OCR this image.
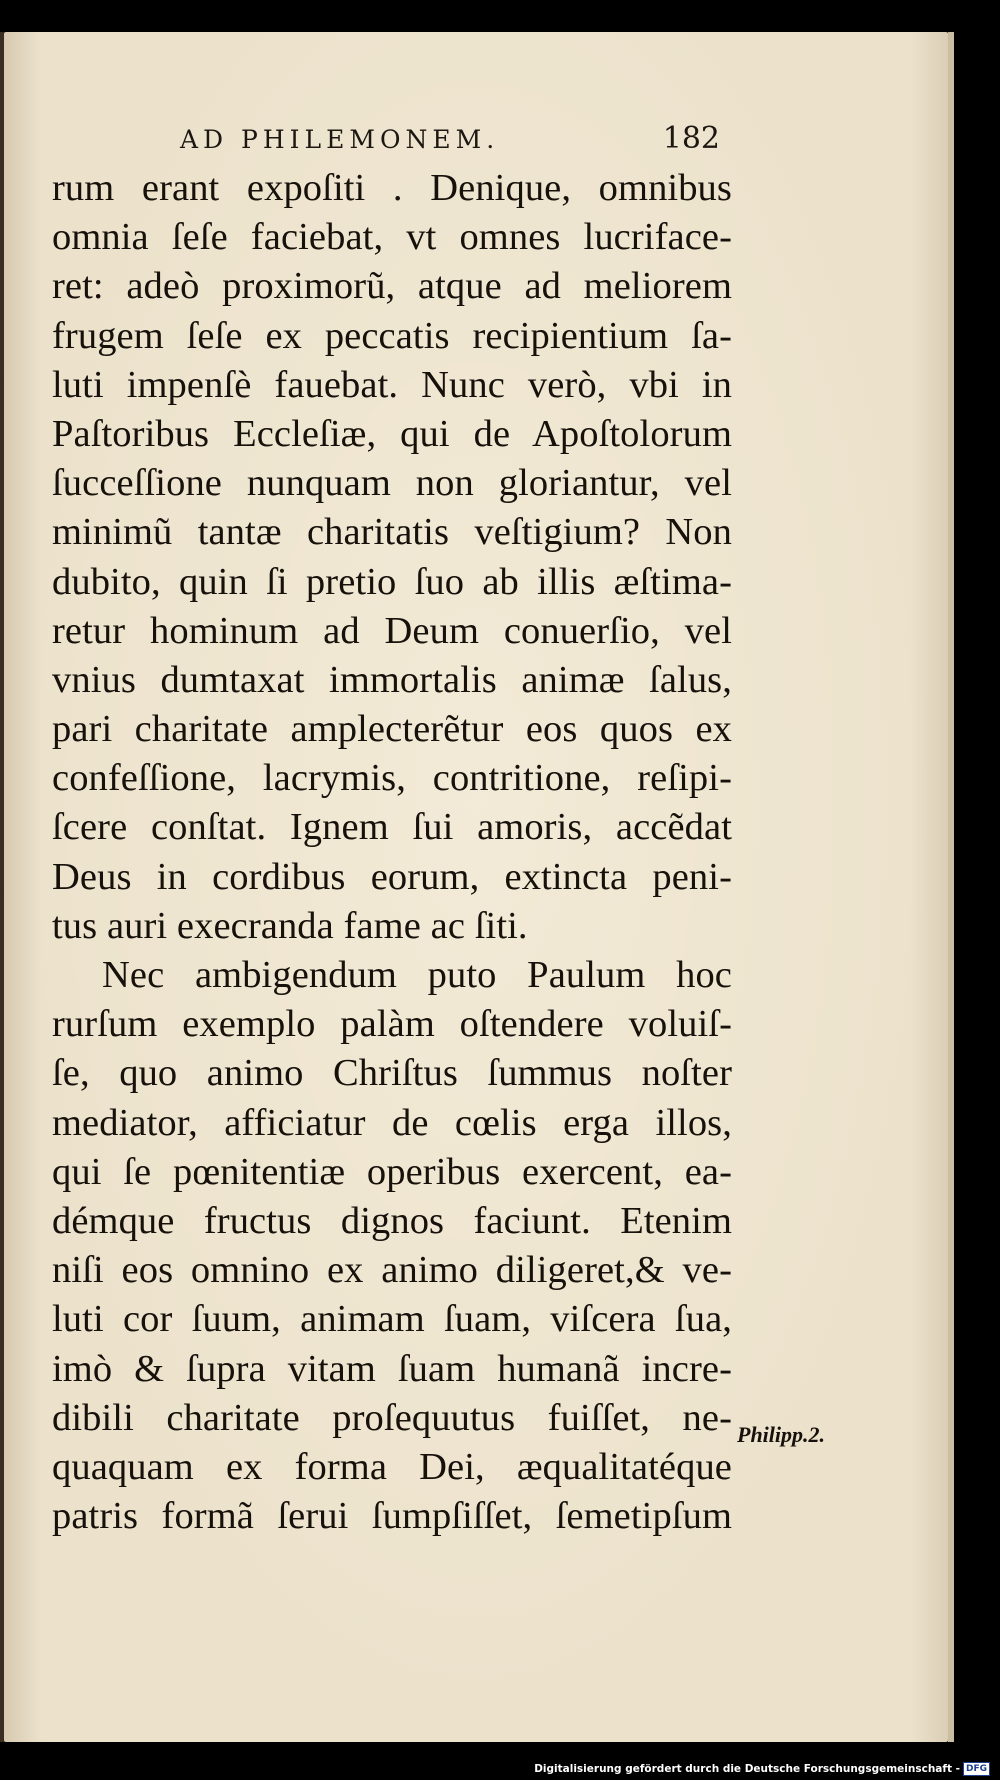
AD PHILEMONEM.	182
rum erant expoſiti . Denique, omnibus
omnia ſeſe faciebat, vt omnes lucriface-
ret: adeò proximorũ, atque ad meliorem
frugem ſeſe ex peccatis recipientium ſa-
luti impenſè fauebat. Nunc verò, vbi in
Paſtoribus Eccleſiæ, qui de Apoſtolorum
ſucceſſione nunquam non gloriantur, vel
minimũ tantæ charitatis veſtigium? Non
dubito, quin ſi pretio ſuo ab illis æſtima-
retur hominum ad Deum conuerſio, vel
vnius dumtaxat immortalis animæ ſalus,
pari charitate amplecterẽtur eos quos ex
confeſſione, lacrymis, contritione, reſipi-
ſcere conſtat. Ignem ſui amoris, accẽdat
Deus in cordibus eorum, extincta peni-
tus auri execranda fame ac ſiti.
Nec ambigendum puto Paulum hoc
rurſum exemplo palàm oſtendere voluiſ-
ſe, quo animo Chriſtus ſummus noſter
mediator, afficiatur de cœlis erga illos,
qui ſe pœnitentiæ operibus exercent, ea-
démque fructus dignos faciunt. Etenim
niſi eos omnino ex animo diligeret,& ve-
luti cor ſuum, animam ſuam, viſcera ſua,
imò & ſupra vitam ſuam humanã incre-
dibili charitate proſequutus fuiſſet, ne-
quaquam ex forma Dei, æqualitatéque
patris formã ſerui ſumpſiſſet, ſemetipſum
Philipp.2.
Digitalisierung gefördert durch die Deutsche Forschungsgemeinschaft - DFG
